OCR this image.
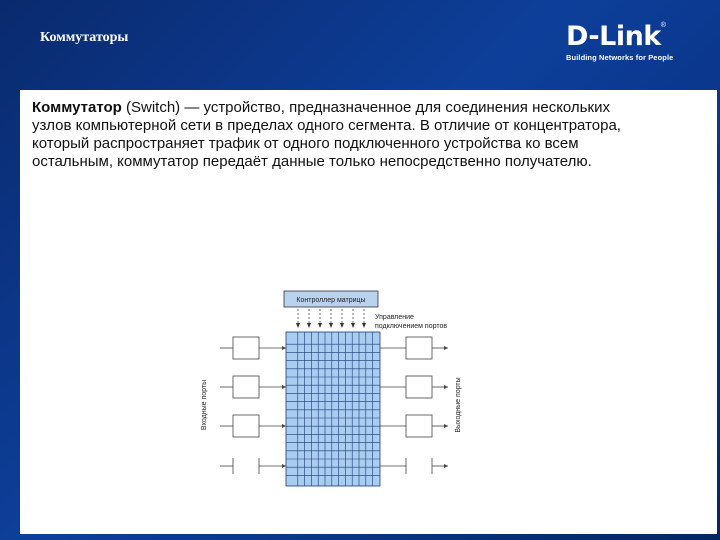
Коммутаторы	D-Link®
Building Networks for People

Коммутатор (Switch) — устройство, предназначенное для соединения нескольких узлов компьютерной сети в пределах одного сегмента. В отличие от концентратора, который распространяет трафик от одного подключенного устройства ко всем остальным, коммутатор передаёт данные только непосредственно получателю.

Контроллер матрицы
Управление
подключением портов
Входные порты	Выходные порты
